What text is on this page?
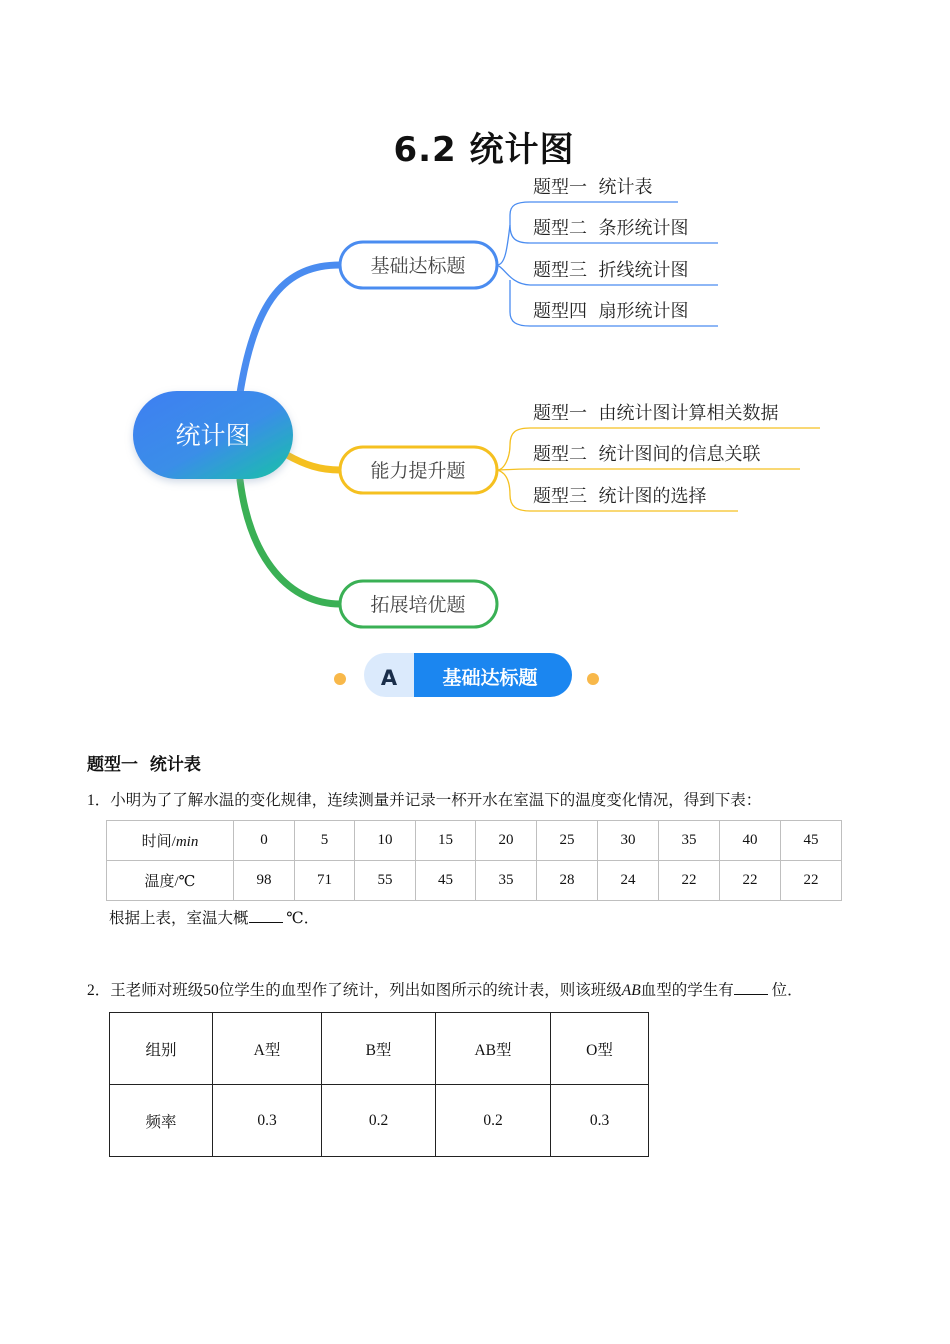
6.2 统计图
统计图
基础达标题
题型一  统计表
题型二  条形统计图
题型三  折线统计图
题型四  扇形统计图
能力提升题
题型一  由统计图计算相关数据
题型二  统计图间的信息关联
题型三  统计图的选择
拓展培优题
A 基础达标题
题型一  统计表
1．小明为了了解水温的变化规律，连续测量并记录一杯开水在室温下的温度变化情况，得到下表：
时间/min	0	5	10	15	20	25	30	35	40	45
温度/℃	98	71	55	45	35	28	24	22	22	22
根据上表，室温大概 ℃．
2．王老师对班级50位学生的血型作了统计，列出如图所示的统计表，则该班级AB血型的学生有 位．
组别	A型	B型	AB型	O型
频率	0.3	0.2	0.2	0.3
